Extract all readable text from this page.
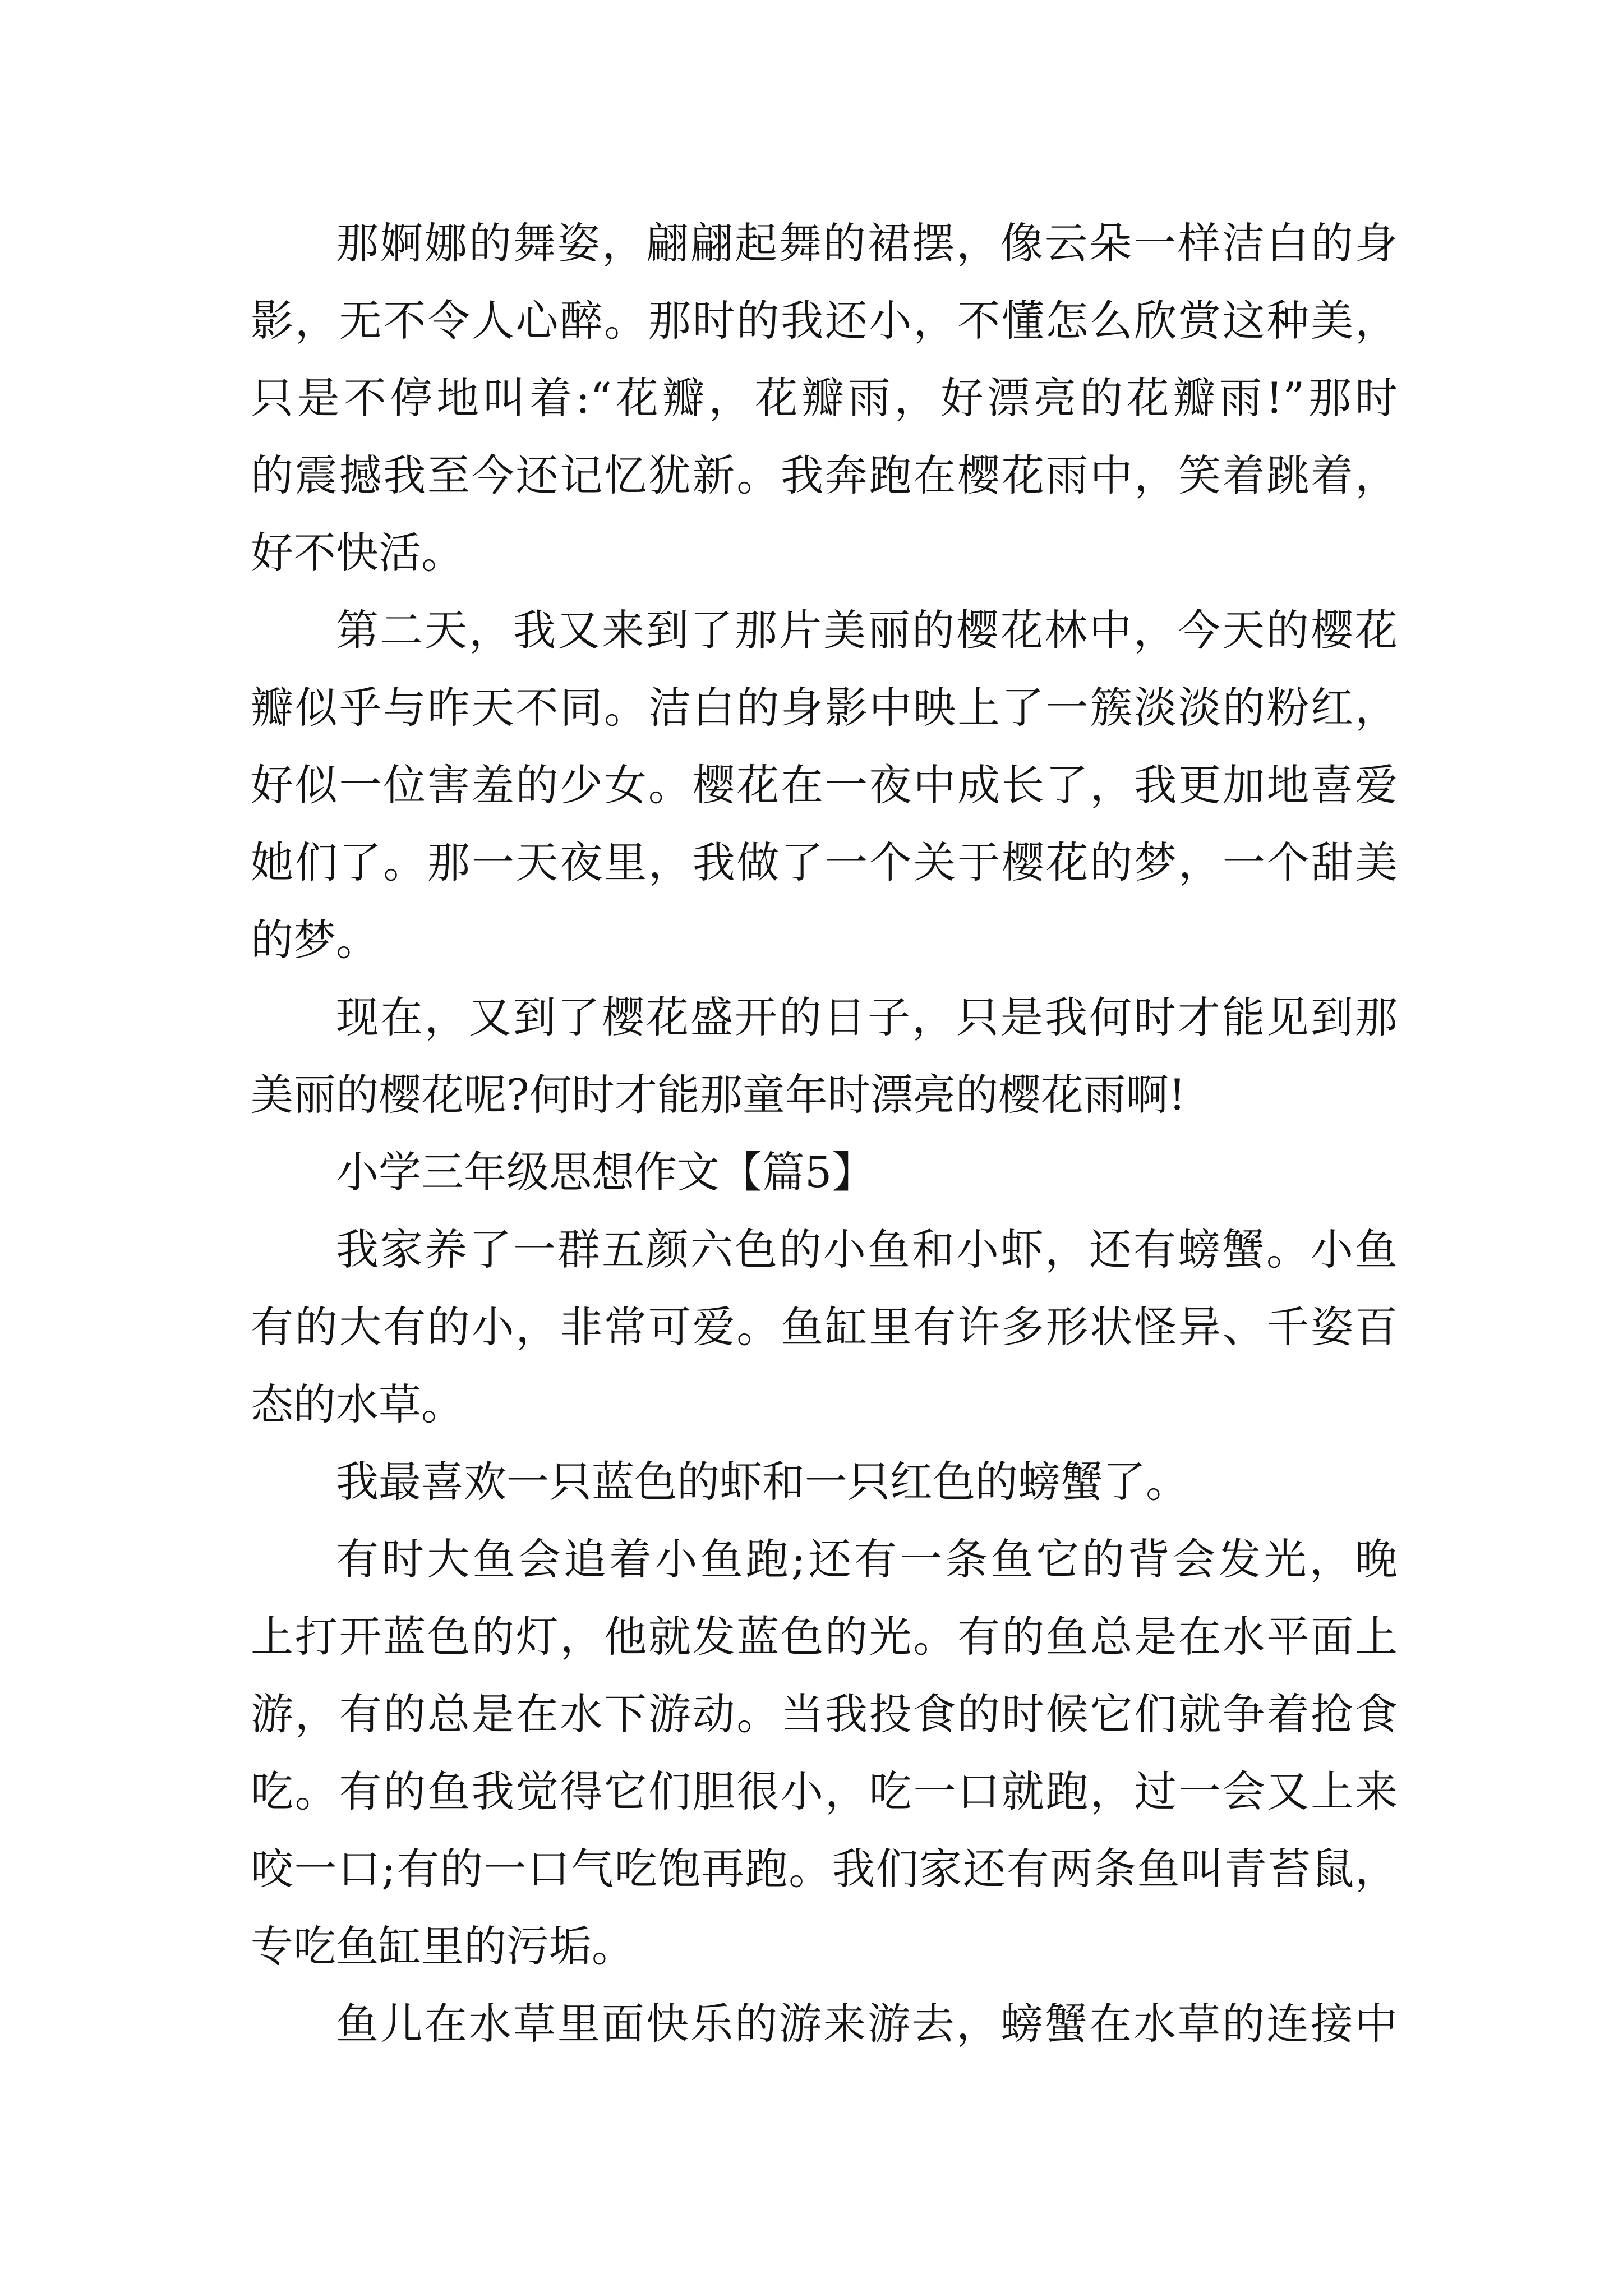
那婀娜的舞姿，翩翩起舞的裙摆，像云朵一样洁白的身
影，无不令人心醉。那时的我还小，不懂怎么欣赏这种美，
只是不停地叫着:“花瓣，花瓣雨，好漂亮的花瓣雨!”那时
的震撼我至今还记忆犹新。我奔跑在樱花雨中，笑着跳着，
好不快活。
第二天，我又来到了那片美丽的樱花林中，今天的樱花
瓣似乎与昨天不同。洁白的身影中映上了一簇淡淡的粉红，
好似一位害羞的少女。樱花在一夜中成长了，我更加地喜爱
她们了。那一天夜里，我做了一个关于樱花的梦，一个甜美
的梦。
现在，又到了樱花盛开的日子，只是我何时才能见到那
美丽的樱花呢?何时才能那童年时漂亮的樱花雨啊!
小学三年级思想作文【篇5】
我家养了一群五颜六色的小鱼和小虾，还有螃蟹。小鱼
有的大有的小，非常可爱。鱼缸里有许多形状怪异、千姿百
态的水草。
我最喜欢一只蓝色的虾和一只红色的螃蟹了。
有时大鱼会追着小鱼跑;还有一条鱼它的背会发光，晚
上打开蓝色的灯，他就发蓝色的光。有的鱼总是在水平面上
游，有的总是在水下游动。当我投食的时候它们就争着抢食
吃。有的鱼我觉得它们胆很小，吃一口就跑，过一会又上来
咬一口;有的一口气吃饱再跑。我们家还有两条鱼叫青苔鼠，
专吃鱼缸里的污垢。
鱼儿在水草里面快乐的游来游去，螃蟹在水草的连接中
